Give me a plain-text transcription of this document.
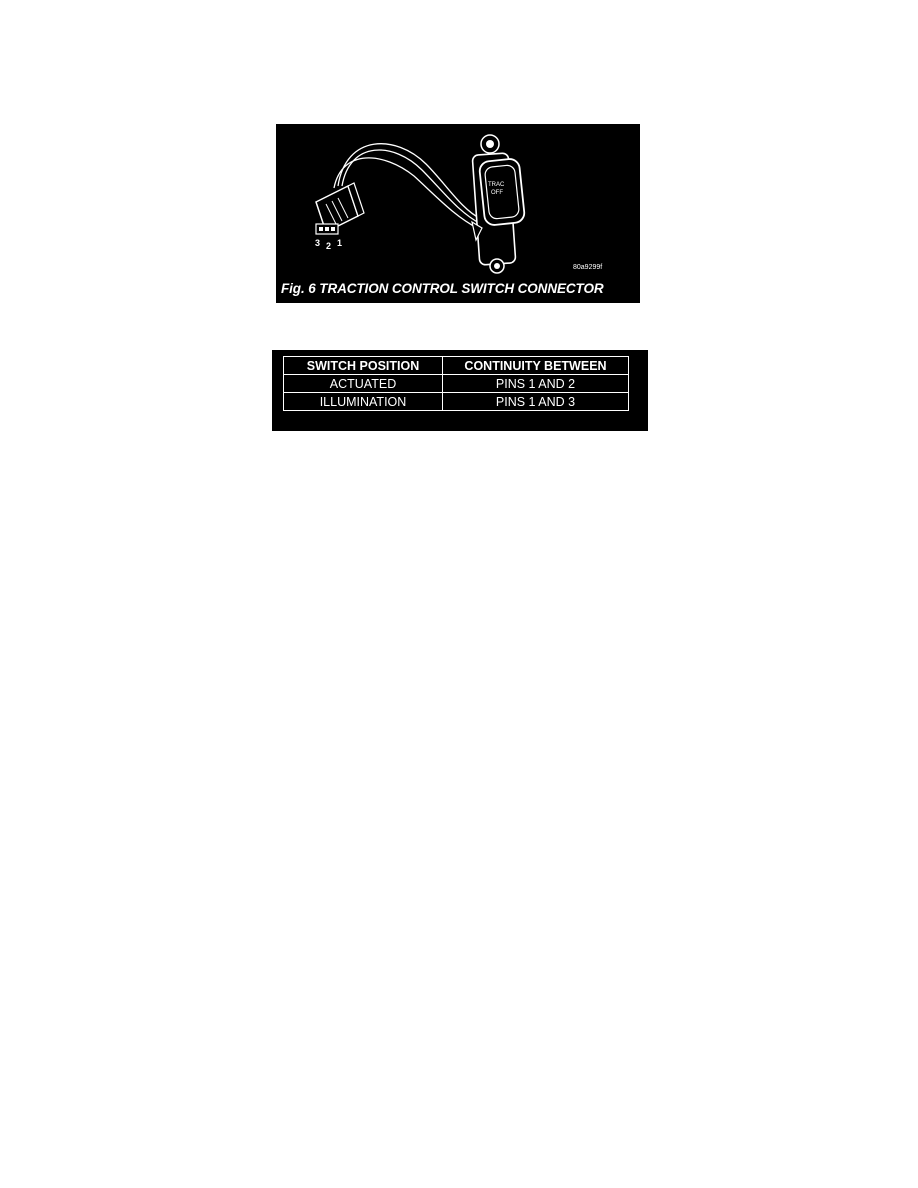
TRAC
OFF
3 2 1
80a9299f
Fig. 6 TRACTION CONTROL SWITCH CONNECTOR
SWITCH POSITION	CONTINUITY BETWEEN
ACTUATED	PINS 1 AND 2
ILLUMINATION	PINS 1 AND 3
